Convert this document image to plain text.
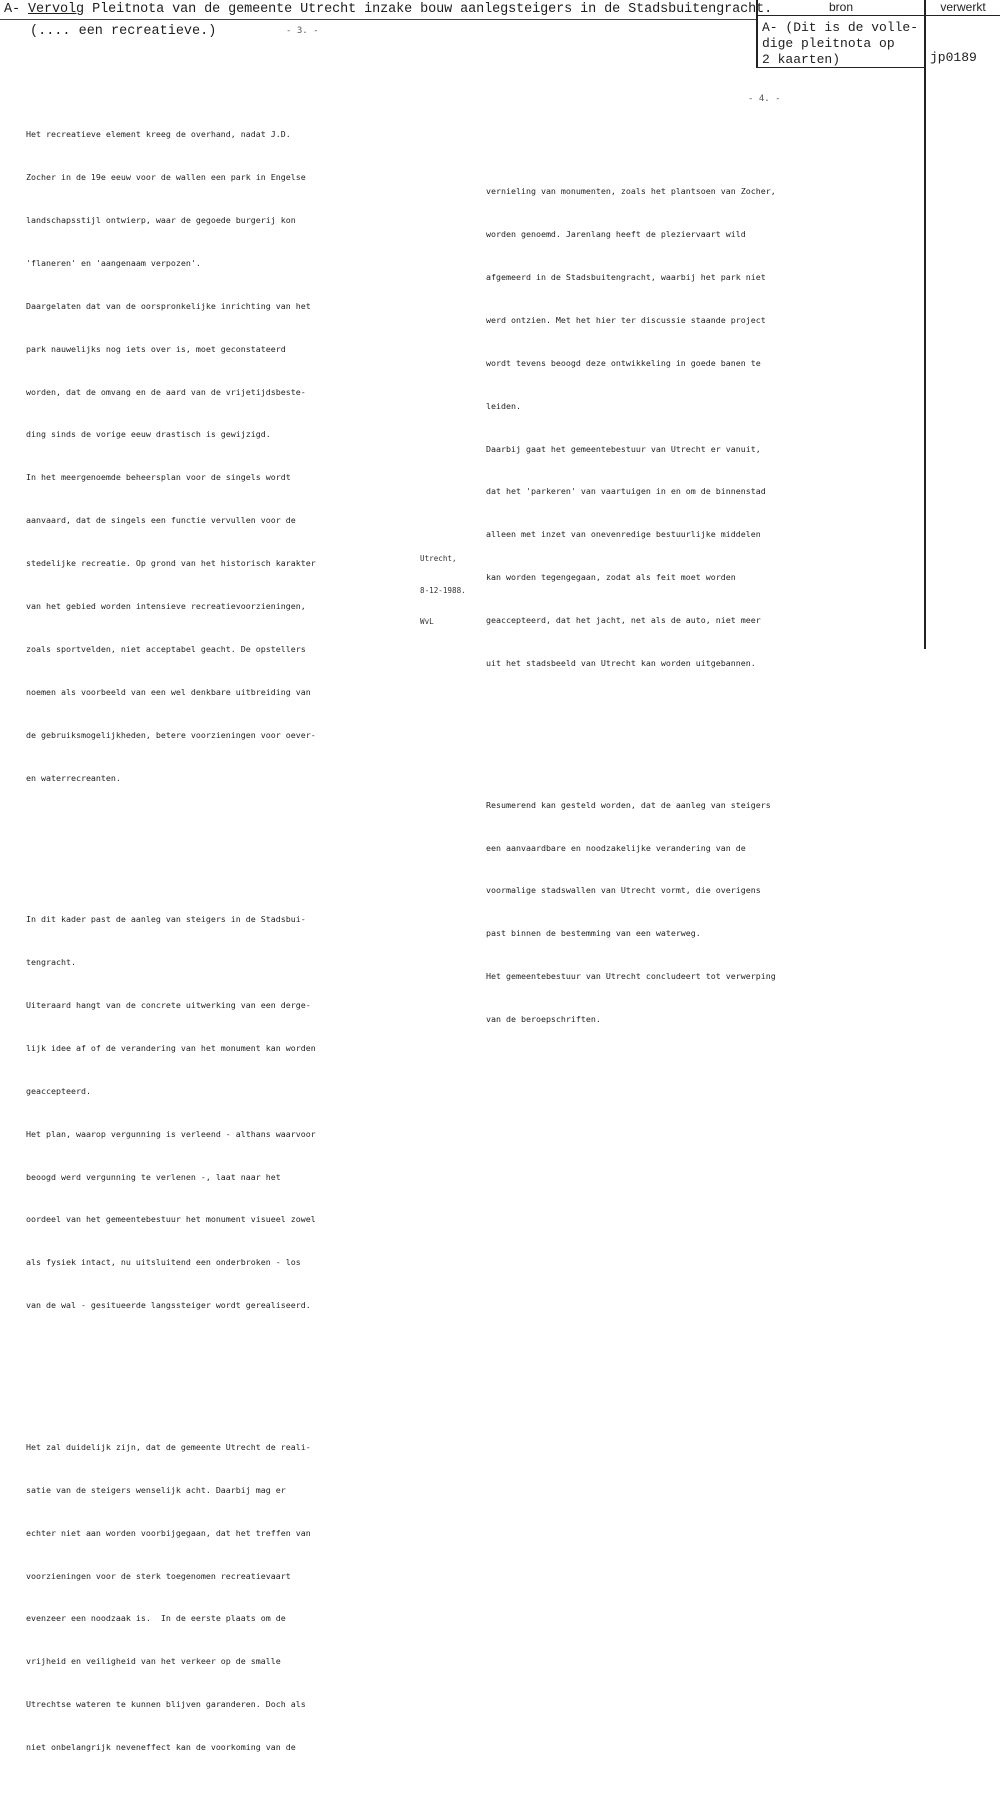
bron	verwerkt
A- Vervolg Pleitnota van de gemeente Utrecht inzake bouw aanlegsteigers in de Stadsbuitengracht.
(.... een recreatieve.)	- 3. -
- 4. -
A- (Dit is de volle-
dige pleitnota op
2 kaarten)	jp0189

Het recreatieve element kreeg de overhand, nadat J.D.

Zocher in de 19e eeuw voor de wallen een park in Engelse

landschapsstijl ontwierp, waar de gegoede burgerij kon

'flaneren' en 'aangenaam verpozen'.

Daargelaten dat van de oorspronkelijke inrichting van het

park nauwelijks nog iets over is, moet geconstateerd

worden, dat de omvang en de aard van de vrijetijdsbeste-

ding sinds de vorige eeuw drastisch is gewijzigd.

In het meergenoemde beheersplan voor de singels wordt

aanvaard, dat de singels een functie vervullen voor de

stedelijke recreatie. Op grond van het historisch karakter

van het gebied worden intensieve recreatievoorzieningen,

zoals sportvelden, niet acceptabel geacht. De opstellers

noemen als voorbeeld van een wel denkbare uitbreiding van

de gebruiksmogelijkheden, betere voorzieningen voor oever-

en waterrecreanten.

In dit kader past de aanleg van steigers in de Stadsbui-

tengracht.

Uiteraard hangt van de concrete uitwerking van een derge-

lijk idee af of de verandering van het monument kan worden

geaccepteerd.

Het plan, waarop vergunning is verleend - althans waarvoor

beoogd werd vergunning te verlenen -, laat naar het

oordeel van het gemeentebestuur het monument visueel zowel

als fysiek intact, nu uitsluitend een onderbroken - los

van de wal - gesitueerde langssteiger wordt gerealiseerd.

Het zal duidelijk zijn, dat de gemeente Utrecht de reali-

satie van de steigers wenselijk acht. Daarbij mag er

echter niet aan worden voorbijgegaan, dat het treffen van

voorzieningen voor de sterk toegenomen recreatievaart

evenzeer een noodzaak is.  In de eerste plaats om de

vrijheid en veiligheid van het verkeer op de smalle

Utrechtse wateren te kunnen blijven garanderen. Doch als

niet onbelangrijk neveneffect kan de voorkoming van de

vernieling van monumenten, zoals het plantsoen van Zocher,

worden genoemd. Jarenlang heeft de pleziervaart wild

afgemeerd in de Stadsbuitengracht, waarbij het park niet

werd ontzien. Met het hier ter discussie staande project

wordt tevens beoogd deze ontwikkeling in goede banen te

leiden.

Daarbij gaat het gemeentebestuur van Utrecht er vanuit,

dat het 'parkeren' van vaartuigen in en om de binnenstad

alleen met inzet van onevenredige bestuurlijke middelen

kan worden tegengegaan, zodat als feit moet worden

geaccepteerd, dat het jacht, net als de auto, niet meer

uit het stadsbeeld van Utrecht kan worden uitgebannen.

Resumerend kan gesteld worden, dat de aanleg van steigers

een aanvaardbare en noodzakelijke verandering van de

voormalige stadswallen van Utrecht vormt, die overigens

past binnen de bestemming van een waterweg.

Het gemeentebestuur van Utrecht concludeert tot verwerping

van de beroepschriften.

Utrecht,

8-12-1988.

WvL
